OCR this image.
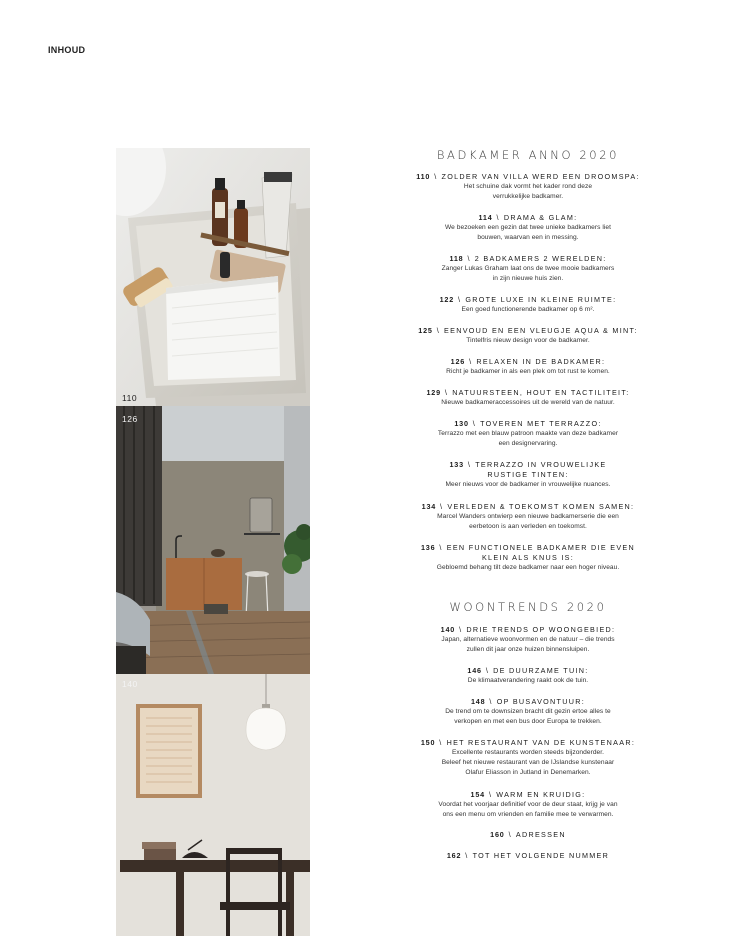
INHOUD
110
126
140
BADKAMER ANNO 2020
WOONTRENDS 2020
110 \ ZOLDER VAN VILLA WERD EEN DROOMSPA:
Het schuine dak vormt het kader rond deze
verrukkelijke badkamer.
114 \ DRAMA & GLAM:
We bezoeken een gezin dat twee unieke badkamers liet
bouwen, waarvan een in messing.
118 \ 2 BADKAMERS 2 WERELDEN:
Zanger Lukas Graham laat ons de twee mooie badkamers
in zijn nieuwe huis zien.
122 \ GROTE LUXE IN KLEINE RUIMTE:
Een goed functionerende badkamer op 6 m².
125 \ EENVOUD EN EEN VLEUGJE AQUA & MINT:
Tintelfris nieuw design voor de badkamer.
126 \ RELAXEN IN DE BADKAMER:
Richt je badkamer in als een plek om tot rust te komen.
129 \ NATUURSTEEN, HOUT EN TACTILITEIT:
Nieuwe badkameraccessoires uit de wereld van de natuur.
130 \ TOVEREN MET TERRAZZO:
Terrazzo met een blauw patroon maakte van deze badkamer
een designervaring.
133 \ TERRAZZO IN VROUWELIJKE
RUSTIGE TINTEN:
Meer nieuws voor de badkamer in vrouwelijke nuances.
134 \ VERLEDEN & TOEKOMST KOMEN SAMEN:
Marcel Wanders ontwierp een nieuwe badkamerserie die een
eerbetoon is aan verleden en toekomst.
136 \ EEN FUNCTIONELE BADKAMER DIE EVEN
KLEIN ALS KNUS IS:
Gebloemd behang tilt deze badkamer naar een hoger niveau.
140 \ DRIE TRENDS OP WOONGEBIED:
Japan, alternatieve woonvormen en de natuur – die trends
zullen dit jaar onze huizen binnensluipen.
146 \ DE DUURZAME TUIN:
De klimaatverandering raakt ook de tuin.
148 \ OP BUSAVONTUUR:
De trend om te downsizen bracht dit gezin ertoe alles te
verkopen en met een bus door Europa te trekken.
150 \ HET RESTAURANT VAN DE KUNSTENAAR:
Excellente restaurants worden steeds bijzonderder.
Beleef het nieuwe restaurant van de IJslandse kunstenaar
Olafur Eliasson in Jutland in Denemarken.
154 \ WARM EN KRUIDIG:
Voordat het voorjaar definitief voor de deur staat, krijg je van
ons een menu om vrienden en familie mee te verwarmen.
160 \ ADRESSEN
162 \ TOT HET VOLGENDE NUMMER
